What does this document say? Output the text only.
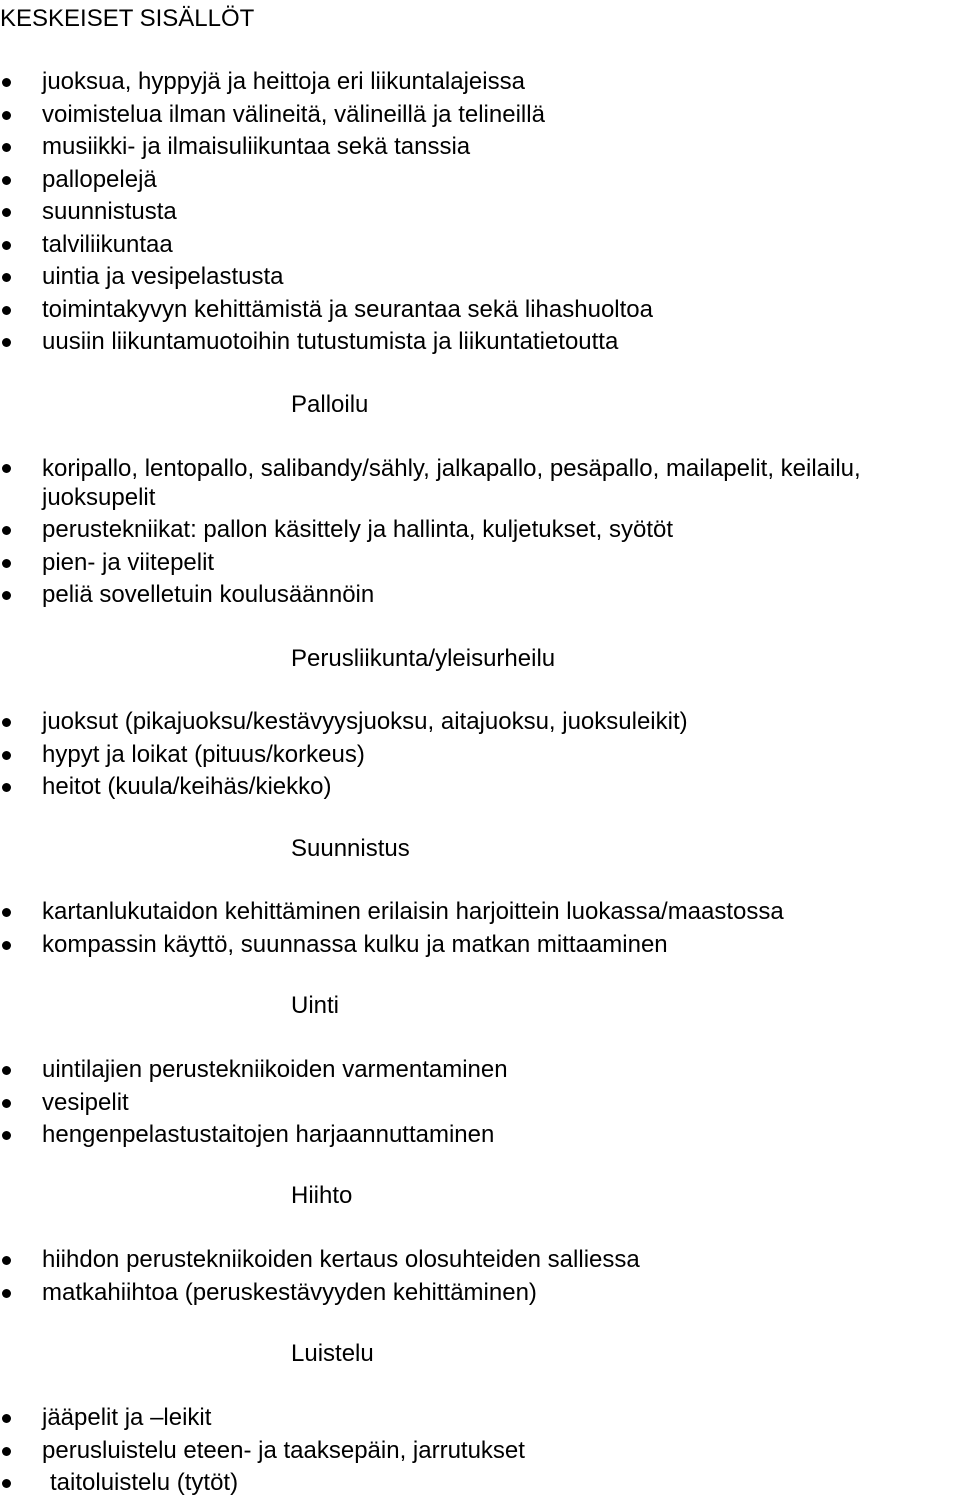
KESKEISET SISÄLLÖT
juoksua, hyppyjä ja heittoja eri liikuntalajeissa
voimistelua ilman välineitä, välineillä ja telineillä
musiikki- ja ilmaisuliikuntaa sekä tanssia
pallopelejä
suunnistusta
talviliikuntaa
uintia ja vesipelastusta
toimintakyvyn kehittämistä ja seurantaa sekä lihashuoltoa
uusiin liikuntamuotoihin tutustumista ja liikuntatietoutta
Palloilu
koripallo, lentopallo, salibandy/sähly, jalkapallo, pesäpallo, mailapelit, keilailu, juoksupelit
perustekniikat: pallon käsittely ja hallinta, kuljetukset, syötöt
pien- ja viitepelit
peliä sovelletuin koulusäännöin
Perusliikunta/yleisurheilu
juoksut (pikajuoksu/kestävyysjuoksu, aitajuoksu, juoksuleikit)
hypyt ja loikat (pituus/korkeus)
heitot (kuula/keihäs/kiekko)
Suunnistus
kartanlukutaidon kehittäminen erilaisin harjoittein luokassa/maastossa
kompassin käyttö, suunnassa kulku ja matkan mittaaminen
Uinti
uintilajien perustekniikoiden varmentaminen
vesipelit
hengenpelastustaitojen harjaannuttaminen
Hiihto
hiihdon perustekniikoiden kertaus olosuhteiden salliessa
matkahiihtoa (peruskestävyyden kehittäminen)
Luistelu
jääpelit ja –leikit
perusluistelu eteen- ja taaksepäin, jarrutukset
taitoluistelu (tytöt)
